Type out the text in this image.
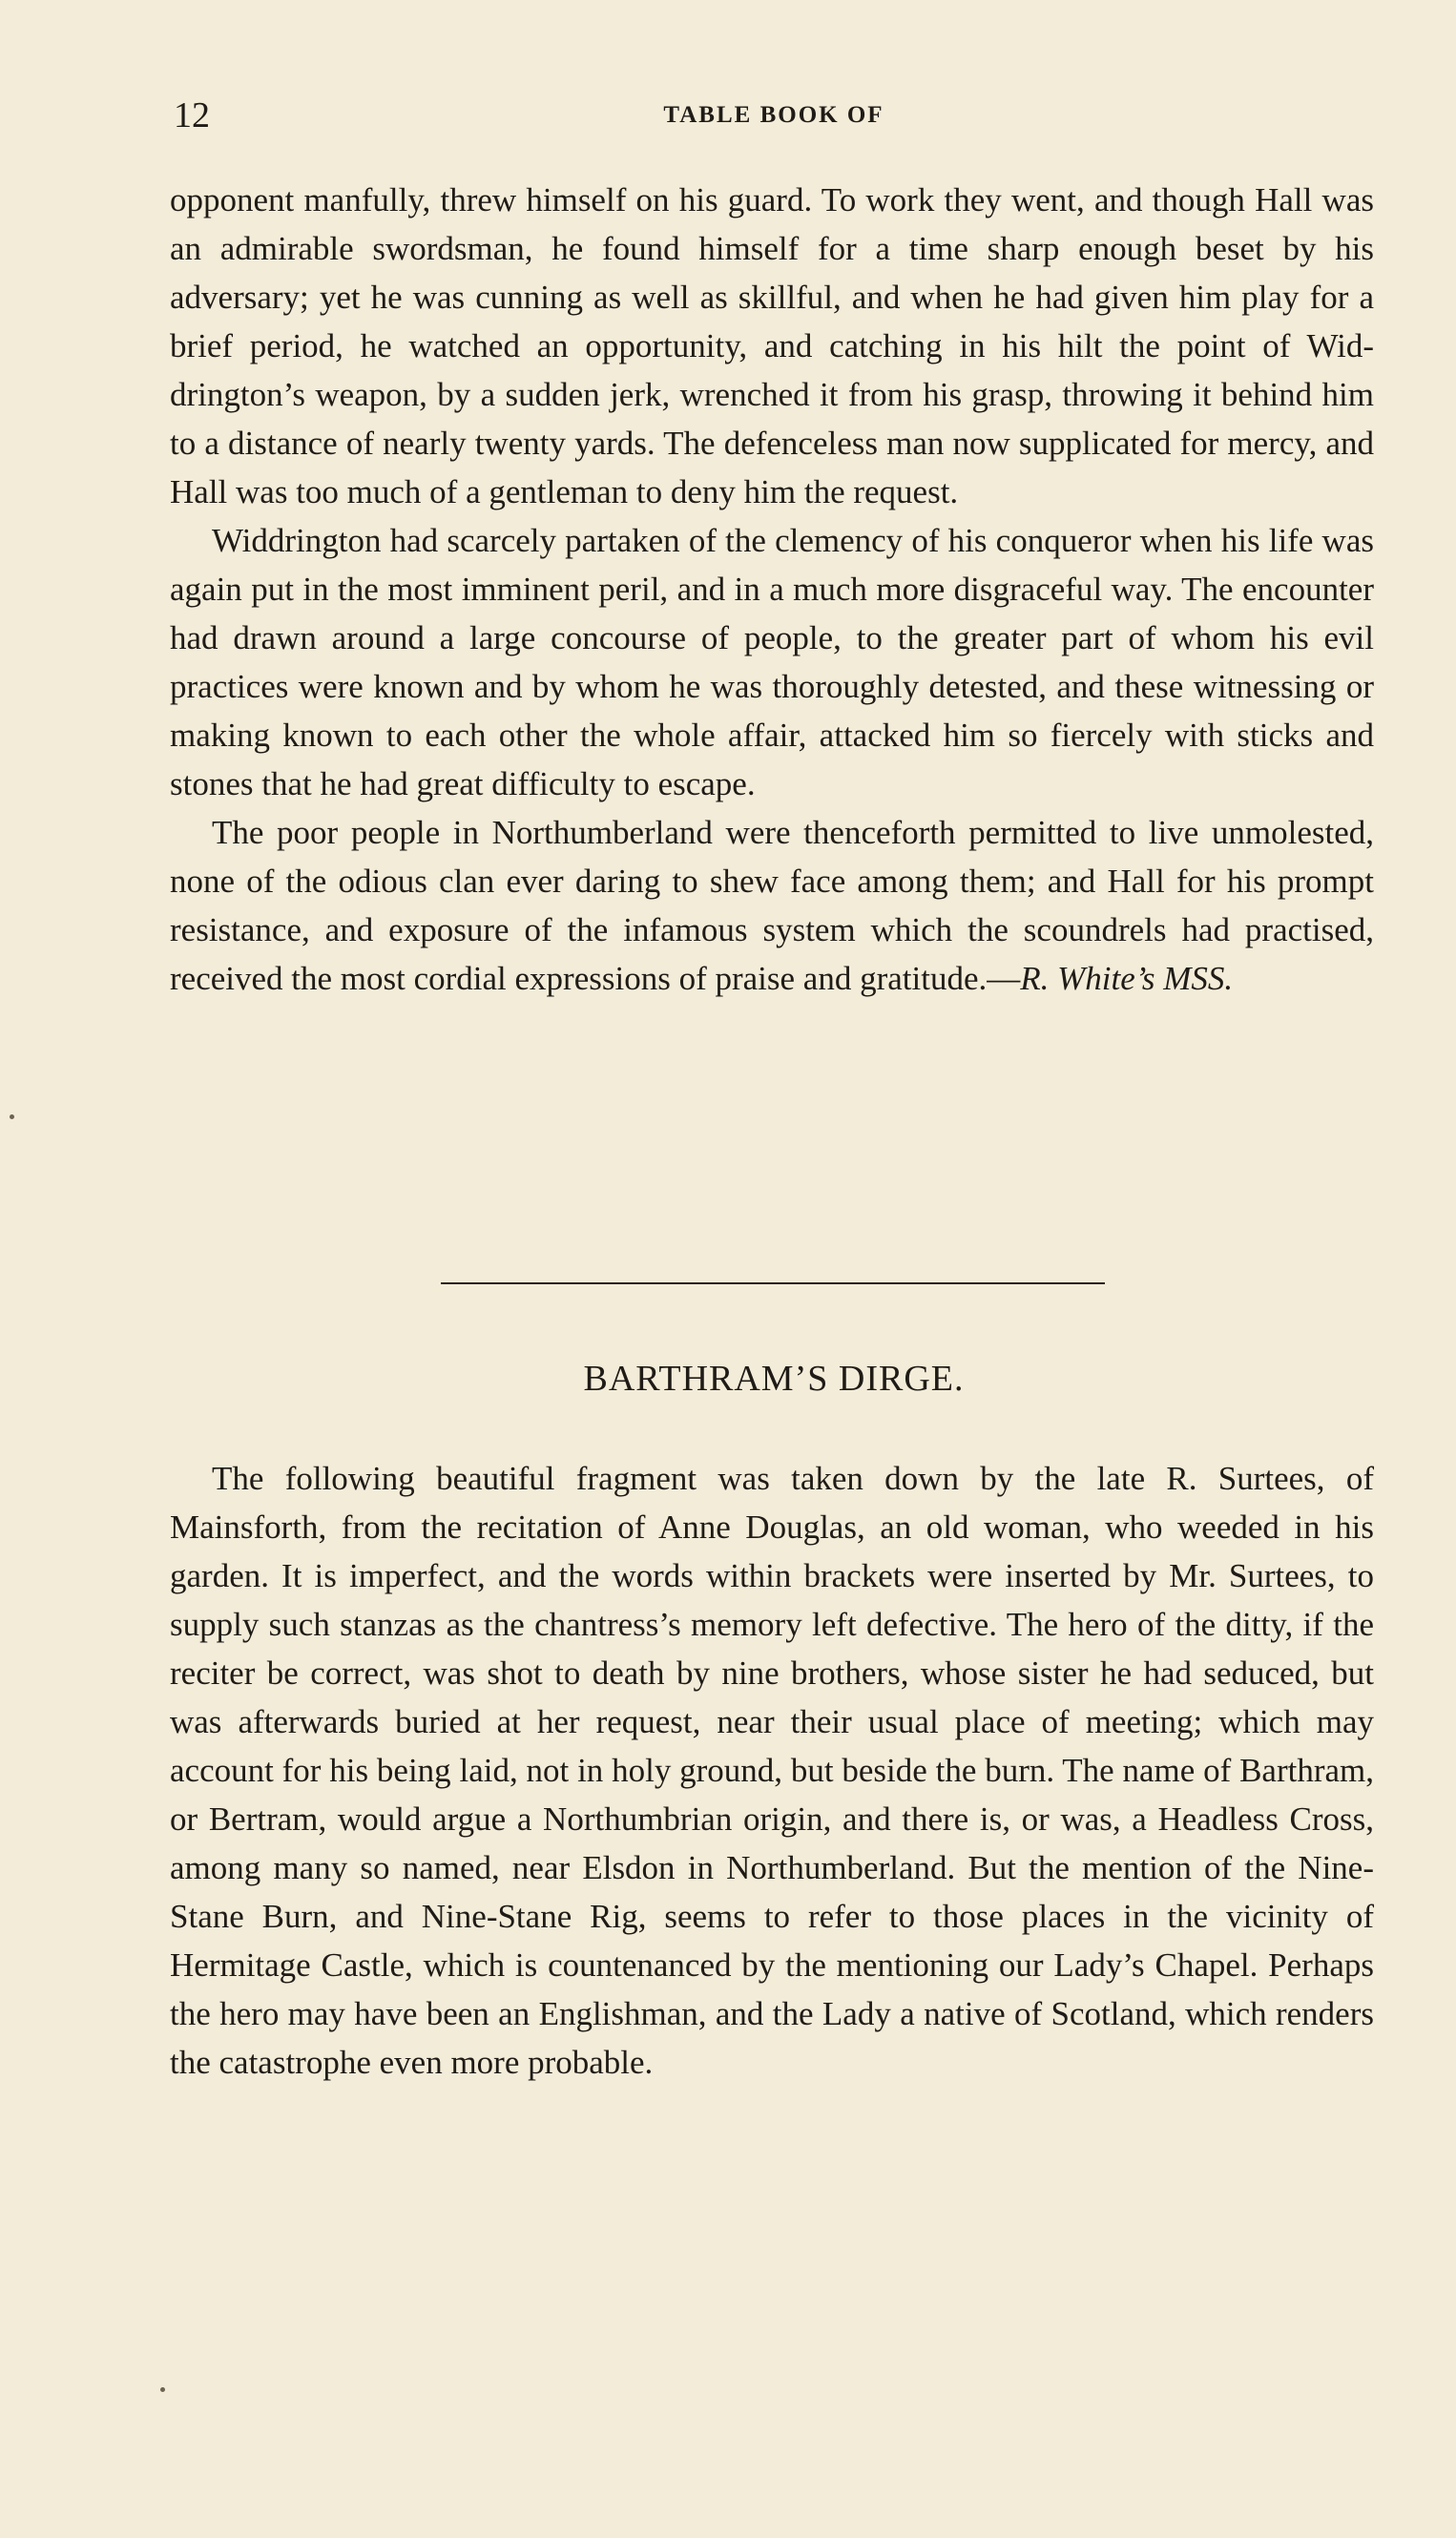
12	TABLE BOOK OF

opponent manfully, threw himself on his guard. To work they went, and though Hall was an admirable swordsman, he found himself for a time sharp enough beset by his adversary; yet he was cunning as well as skillful, and when he had given him play for a brief period, he watched an opportunity, and catching in his hilt the point of Widdrington’s weapon, by a sudden jerk, wrenched it from his grasp, throwing it behind him to a distance of nearly twenty yards. The defenceless man now supplicated for mercy, and Hall was too much of a gentleman to deny him the request.

Widdrington had scarcely partaken of the clemency of his conqueror when his life was again put in the most imminent peril, and in a much more disgraceful way. The encounter had drawn around a large concourse of people, to the greater part of whom his evil practices were known and by whom he was thoroughly detested, and these witnessing or making known to each other the whole affair, attacked him so fiercely with sticks and stones that he had great difficulty to escape.

The poor people in Northumberland were thenceforth permitted to live unmolested, none of the odious clan ever daring to shew face among them; and Hall for his prompt resistance, and exposure of the infamous system which the scoundrels had practised, received the most cordial expressions of praise and gratitude.—R. White’s MSS.

BARTHRAM’S DIRGE.

The following beautiful fragment was taken down by the late R. Surtees, of Mainsforth, from the recitation of Anne Douglas, an old woman, who weeded in his garden. It is imperfect, and the words within brackets were inserted by Mr. Surtees, to supply such stanzas as the chantress’s memory left defective. The hero of the ditty, if the reciter be correct, was shot to death by nine brothers, whose sister he had seduced, but was afterwards buried at her request, near their usual place of meeting; which may account for his being laid, not in holy ground, but beside the burn. The name of Barthram, or Bertram, would argue a Northumbrian origin, and there is, or was, a Headless Cross, among many so named, near Elsdon in Northumberland. But the mention of the Nine-Stane Burn, and Nine-Stane Rig, seems to refer to those places in the vicinity of Hermitage Castle, which is countenanced by the mentioning our Lady’s Chapel. Perhaps the hero may have been an Englishman, and the Lady a native of Scotland, which renders the catastrophe even more probable.
